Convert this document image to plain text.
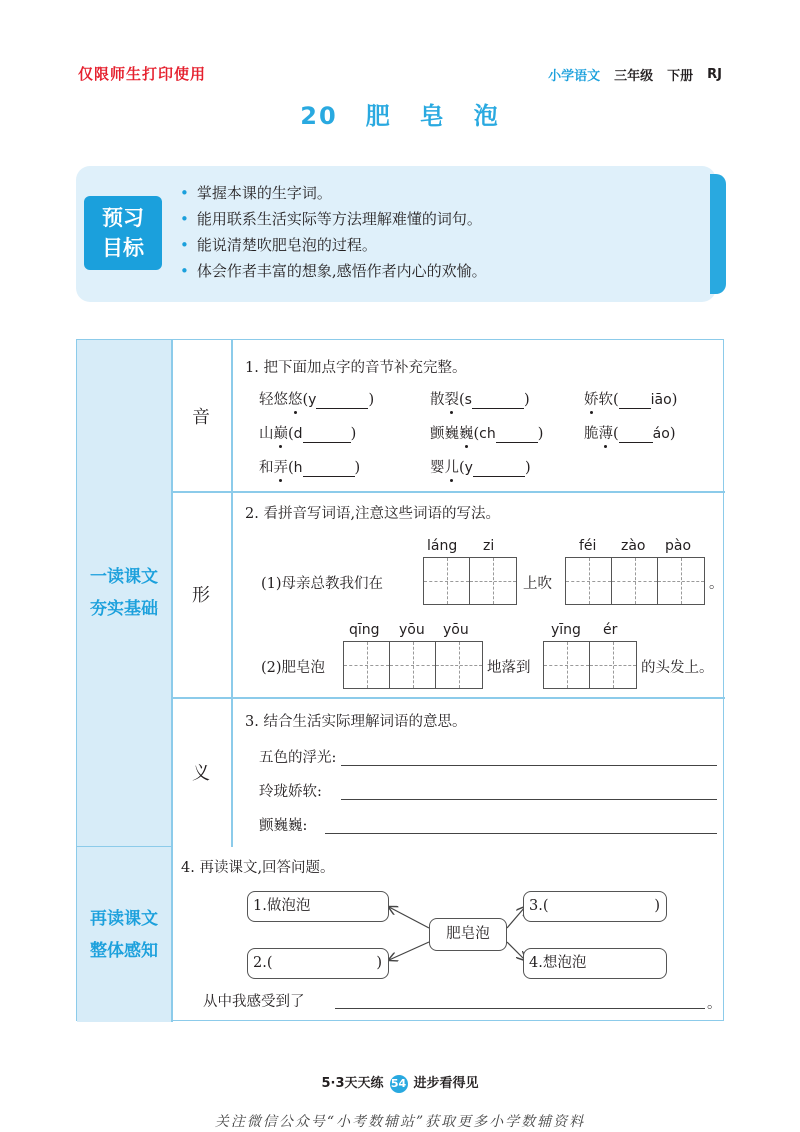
仅限师生打印使用	小学语文 三年级 下册 RJ
20 肥 皂 泡
预习
目标
• 掌握本课的生字词。
• 能用联系生活实际等方法理解难懂的词句。
• 能说清楚吹肥皂泡的过程。
• 体会作者丰富的想象,感悟作者内心的欢愉。
一读课文
夯实基础
再读课文
整体感知
音
形
义
1. 把下面加点字的音节补充完整。
轻悠悠(y	)	散裂(s	)	娇软( iāo)
山巅(d	)	颤巍巍(ch	)	脆薄( áo)
和弄(h	)	婴儿(y	)
2. 看拼音写词语,注意这些词语的写法。
láng zi	féi zào pào
(1)母亲总教我们在	上吹	。
qīng yōu yōu	yīng ér
(2)肥皂泡	地落到	的头发上。
3. 结合生活实际理解词语的意思。
五色的浮光:
玲珑娇软:
颤巍巍:
4. 再读课文,回答问题。
1.做泡泡
2.(	)
肥皂泡
3.(	)
4.想泡泡
从中我感受到了	。
5·3天天练 54 进步看得见
关注微信公众号“小考数辅站”获取更多小学数辅资料
